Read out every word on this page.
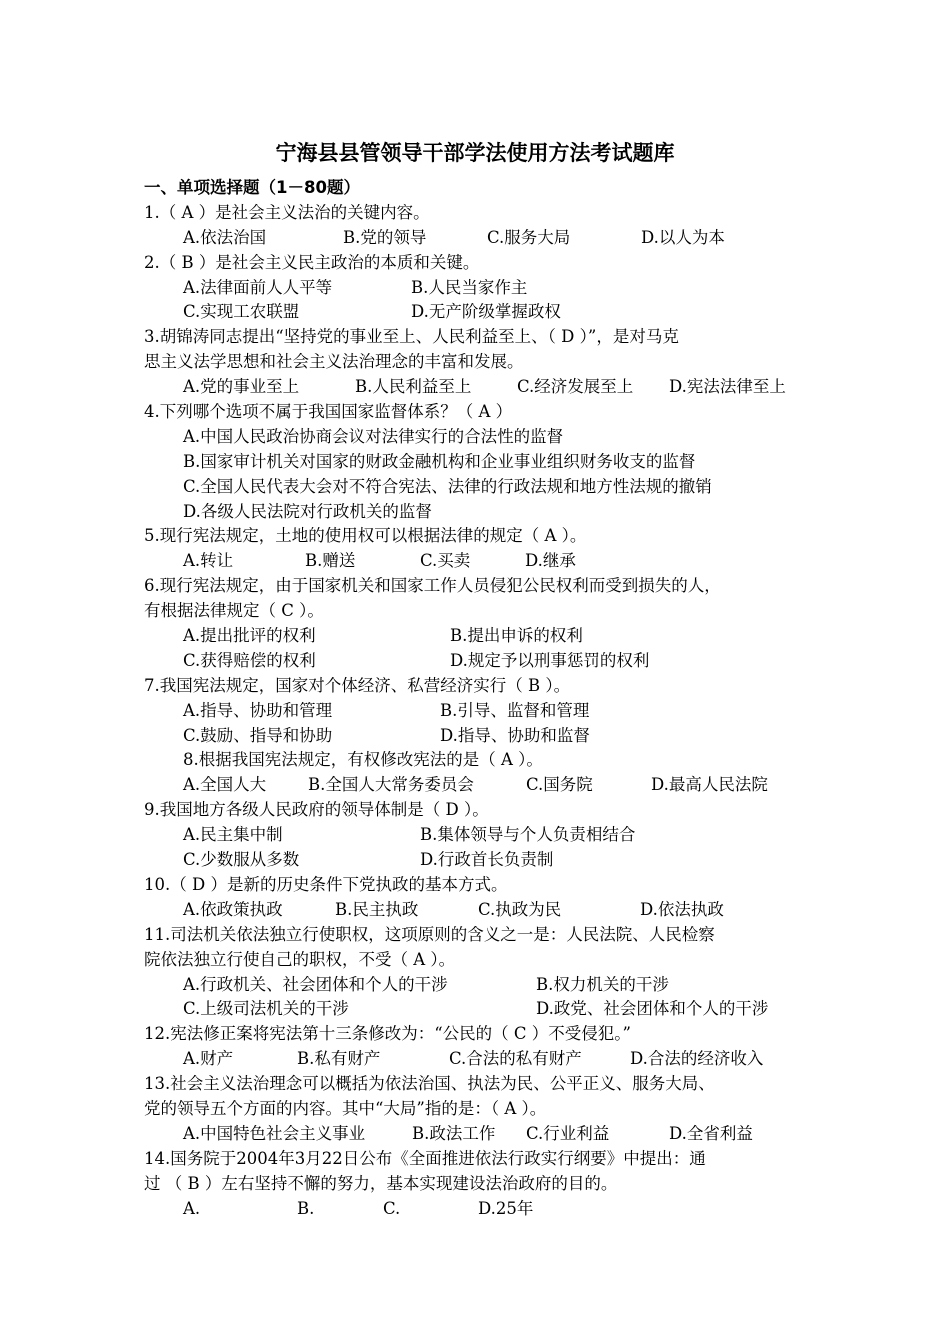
宁海县县管领导干部学法使用方法考试题库
一、单项选择题（1－80题）
1.（ A ）是社会主义法治的关键内容。
A.依法治国	B.党的领导	C.服务大局	D.以人为本
2.（ B ）是社会主义民主政治的本质和关键。
A.法律面前人人平等	B.人民当家作主
C.实现工农联盟	D.无产阶级掌握政权
3.胡锦涛同志提出“坚持党的事业至上、人民利益至上、（ D ）”，是对马克
思主义法学思想和社会主义法治理念的丰富和发展。
A.党的事业至上	B.人民利益至上	C.经济发展至上 D.宪法法律至上
4.下列哪个选项不属于我国国家监督体系？（ A ）
A.中国人民政治协商会议对法律实行的合法性的监督
B.国家审计机关对国家的财政金融机构和企业事业组织财务收支的监督
C.全国人民代表大会对不符合宪法、法律的行政法规和地方性法规的撤销
D.各级人民法院对行政机关的监督
5.现行宪法规定，土地的使用权可以根据法律的规定（ A ）。
A.转让	B.赠送	C.买卖	D.继承
6.现行宪法规定，由于国家机关和国家工作人员侵犯公民权利而受到损失的人，
有根据法律规定（ C ）。
A.提出批评的权利	B.提出申诉的权利
C.获得赔偿的权利	D.规定予以刑事惩罚的权利
7.我国宪法规定，国家对个体经济、私营经济实行（ B ）。
A.指导、协助和管理	B.引导、监督和管理
C.鼓励、指导和协助	D.指导、协助和监督
8.根据我国宪法规定，有权修改宪法的是（ A ）。
A.全国人大	B.全国人大常务委员会	C.国务院	D.最高人民法院
9.我国地方各级人民政府的领导体制是（ D ）。
A.民主集中制	B.集体领导与个人负责相结合
C.少数服从多数	D.行政首长负责制
10.（ D ）是新的历史条件下党执政的基本方式。
A.依政策执政	B.民主执政	C.执政为民	D.依法执政
11.司法机关依法独立行使职权，这项原则的含义之一是：人民法院、人民检察
院依法独立行使自己的职权，不受（ A ）。
A.行政机关、社会团体和个人的干涉	B.权力机关的干涉
C.上级司法机关的干涉	D.政党、社会团体和个人的干涉
12.宪法修正案将宪法第十三条修改为：“公民的（ C ）不受侵犯。”
A.财产	B.私有财产	C.合法的私有财产	D.合法的经济收入
13.社会主义法治理念可以概括为依法治国、执法为民、公平正义、服务大局、
党的领导五个方面的内容。其中“大局”指的是：（ A ）。
A.中国特色社会主义事业	B.政法工作 C.行业利益	D.全省利益
14.国务院于2004年3月22日公布《全面推进依法行政实行纲要》中提出：通
过 （ B ）左右坚持不懈的努力，基本实现建设法治政府的目的。
A.	B.	C.	D.25年
